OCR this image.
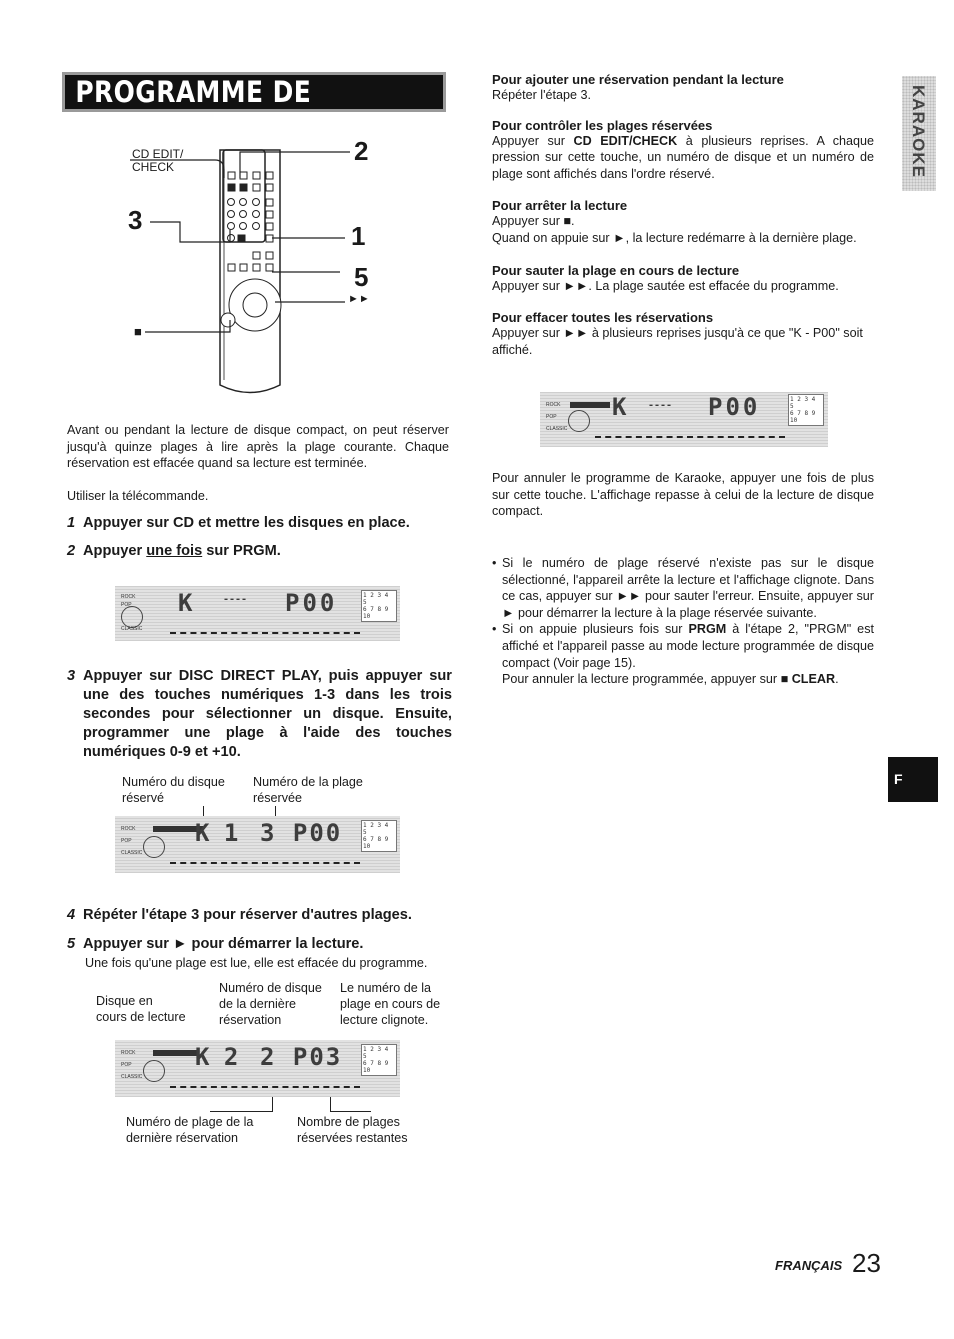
PROGRAMME DE KARAOKE	KARAOKE
CD EDIT/
CHECK
2
3
1
5
►►
■
Avant ou pendant la lecture de disque compact, on peut réserver jusqu'à quinze plages à lire après la plage courante. Chaque réservation est effacée quand sa lecture est terminée.
Utiliser la télécommande.
1 Appuyer sur CD et mettre les disques en place.
2 Appuyer une fois sur PRGM.
ROCK
POP
CLASSIC
K	---- P00	1 2 3 4 5
6 7 8 9 10
3 Appuyer sur DISC DIRECT PLAY, puis appuyer sur une des touches numériques 1-3 dans les trois secondes pour sélectionner un disque. Ensuite, programmer une plage à l'aide des touches numériques 0-9 et +10.
Numéro du disque
réservé
Numéro de la plage
réservée
ROCK
POP
CLASSIC
K 1 3 P00	1 2 3 4 5
6 7 8 9 10
4 Répéter l'étape 3 pour réserver d'autres plages.
5 Appuyer sur ► pour démarrer la lecture.
Une fois qu'une plage est lue, elle est effacée du programme.
Disque en
cours de lecture
Numéro de disque
de la dernière
réservation
Le numéro de la
plage en cours de
lecture clignote.
ROCK
POP
CLASSIC
K 2 2 P03	1 2 3 4 5
6 7 8 9 10
Numéro de plage de la
dernière réservation
Nombre de plages
réservées restantes
Pour ajouter une réservation pendant la lecture
Répéter l'étape 3.
Pour contrôler les plages réservées
Appuyer sur CD EDIT/CHECK à plusieurs reprises. A chaque pression sur cette touche, un numéro de disque et un numéro de plage sont affichés dans l'ordre réservé.
Pour arrêter la lecture
Appuyer sur ■.
Quand on appuie sur ►, la lecture redémarre à la dernière plage.
Pour sauter la plage en cours de lecture
Appuyer sur ►►. La plage sautée est effacée du programme.
Pour effacer toutes les réservations
Appuyer sur ►► à plusieurs reprises jusqu'à ce que "K - P00" soit affiché.
ROCK
POP
CLASSIC
K ---- P00	1 2 3 4 5
6 7 8 9 10
Pour annuler le programme de Karaoke, appuyer une fois de plus sur cette touche. L'affichage repasse à celui de la lecture de disque compact.
• Si le numéro de plage réservé n'existe pas sur le disque sélectionné, l'appareil arrête la lecture et l'affichage clignote. Dans ce cas, appuyer sur ►► pour sauter l'erreur. Ensuite, appuyer sur ► pour démarrer la lecture à la plage réservée suivante.
• Si on appuie plusieurs fois sur PRGM à l'étape 2, "PRGM" est affiché et l'appareil passe au mode lecture programmée de disque compact (Voir page 15).
Pour annuler la lecture programmée, appuyer sur ■ CLEAR.
F
FRANÇAIS 23
